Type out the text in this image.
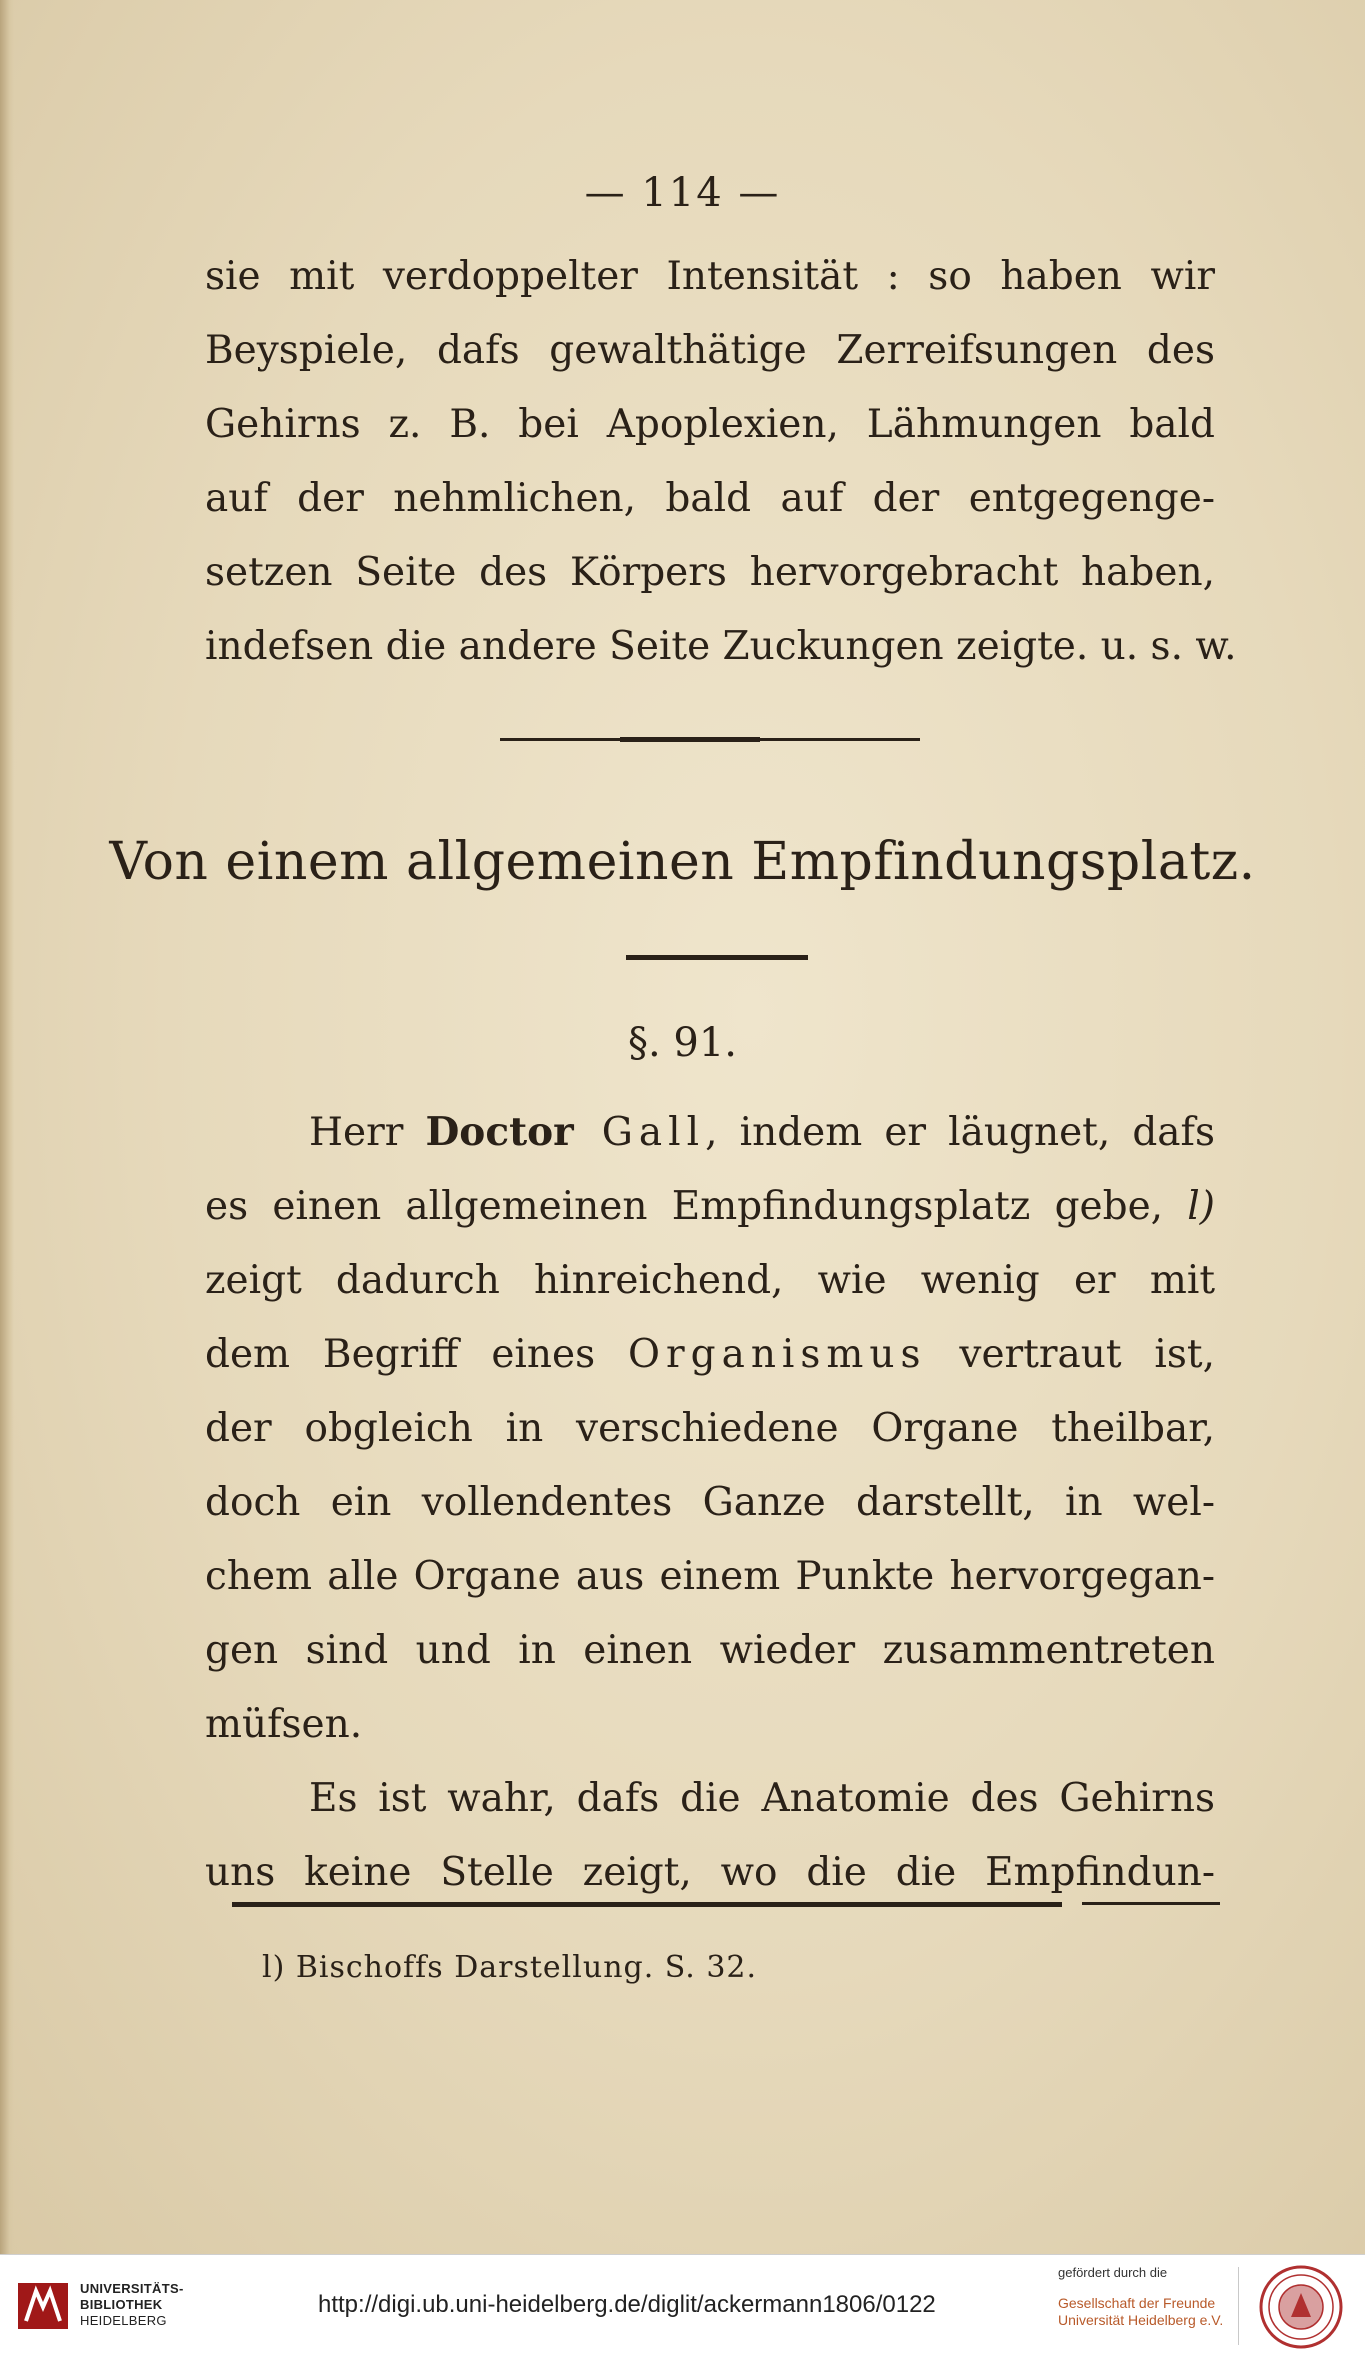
— 114 —
sie mit verdoppelter Intensität : so haben wir
Beyspiele, dafs gewalthätige Zerreifsungen des
Gehirns z. B. bei Apoplexien, Lähmungen bald
auf der nehmlichen, bald auf der entgegenge-
setzen Seite des Körpers hervorgebracht haben,
indefsen die andere Seite Zuckungen zeigte. u. s. w.
Von einem allgemeinen Empfindungsplatz.
§. 91.
Herr Doctor Gall, indem er läugnet, dafs
es einen allgemeinen Empfindungsplatz gebe, l)
zeigt dadurch hinreichend, wie wenig er mit
dem Begriff eines Organismus vertraut ist,
der obgleich in verschiedene Organe theilbar,
doch ein vollendentes Ganze darstellt, in wel-
chem alle Organe aus einem Punkte hervorgegan-
gen sind und in einen wieder zusammentreten
müfsen.
Es ist wahr, dafs die Anatomie des Gehirns
uns keine Stelle zeigt, wo die die Empfindun-
l) Bischoffs Darstellung. S. 32.
UNIVERSITÄTS-
BIBLIOTHEK
HEIDELBERG
http://digi.ub.uni-heidelberg.de/diglit/ackermann1806/0122
gefördert durch die
Gesellschaft der Freunde
Universität Heidelberg e.V.
